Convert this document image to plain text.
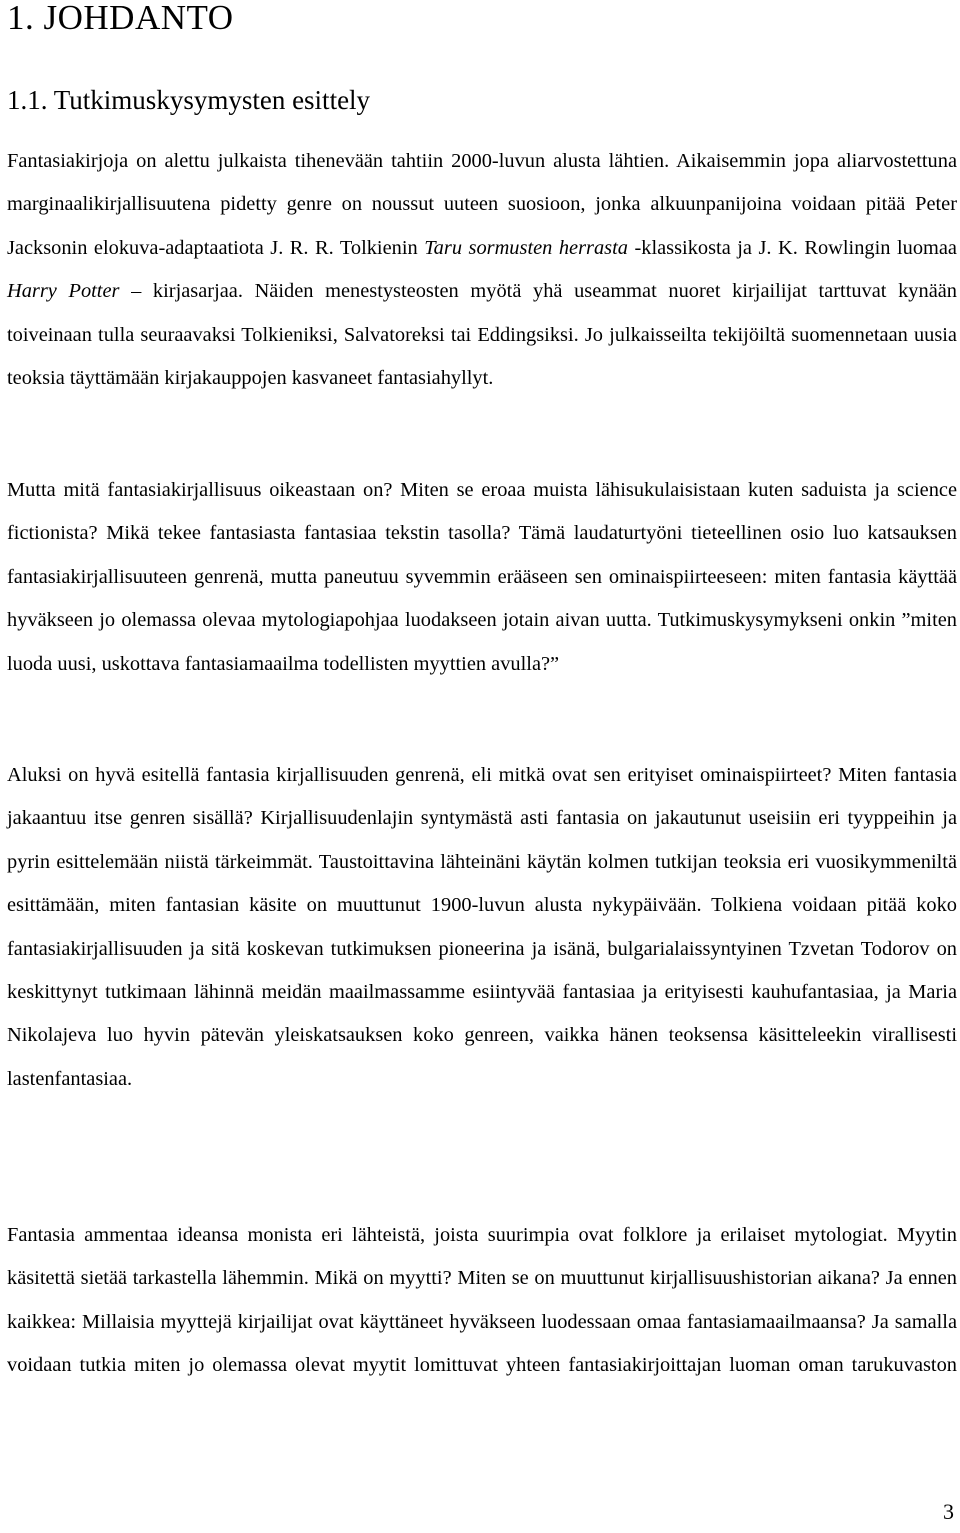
1. JOHDANTO
1.1. Tutkimuskysymysten esittely

Fantasiakirjoja on alettu julkaista tihenevään tahtiin 2000-luvun alusta lähtien. Aikaisemmin jopa aliarvostettuna marginaalikirjallisuutena pidetty genre on noussut uuteen suosioon, jonka alkuunpanijoina voidaan pitää Peter Jacksonin elokuva-adaptaatiota J. R. R. Tolkienin Taru sormusten herrasta -klassikosta ja J. K. Rowlingin luomaa Harry Potter – kirjasarjaa. Näiden menestysteosten myötä yhä useammat nuoret kirjailijat tarttuvat kynään toiveinaan tulla seuraavaksi Tolkieniksi, Salvatoreksi tai Eddingsiksi. Jo julkaisseilta tekijöiltä suomennetaan uusia teoksia täyttämään kirjakauppojen kasvaneet fantasiahyllyt.

Mutta mitä fantasiakirjallisuus oikeastaan on? Miten se eroaa muista lähisukulaisistaan kuten saduista ja science fictionista? Mikä tekee fantasiasta fantasiaa tekstin tasolla? Tämä laudaturtyöni tieteellinen osio luo katsauksen fantasiakirjallisuuteen genrenä, mutta paneutuu syvemmin erääseen sen ominaispiirteeseen: miten fantasia käyttää hyväkseen jo olemassa olevaa mytologiapohjaa luodakseen jotain aivan uutta. Tutkimuskysymykseni onkin ”miten luoda uusi, uskottava fantasiamaailma todellisten myyttien avulla?”

Aluksi on hyvä esitellä fantasia kirjallisuuden genrenä, eli mitkä ovat sen erityiset ominaispiirteet? Miten fantasia jakaantuu itse genren sisällä? Kirjallisuudenlajin syntymästä asti fantasia on jakautunut useisiin eri tyyppeihin ja pyrin esittelemään niistä tärkeimmät. Taustoittavina lähteinäni käytän kolmen tutkijan teoksia eri vuosikymmeniltä esittämään, miten fantasian käsite on muuttunut 1900-luvun alusta nykypäivään. Tolkiena voidaan pitää koko fantasiakirjallisuuden ja sitä koskevan tutkimuksen pioneerina ja isänä, bulgarialaissyntyinen Tzvetan Todorov on keskittynyt tutkimaan lähinnä meidän maailmassamme esiintyvää fantasiaa ja erityisesti kauhufantasiaa, ja Maria Nikolajeva luo hyvin pätevän yleiskatsauksen koko genreen, vaikka hänen teoksensa käsitteleekin virallisesti lastenfantasiaa.

Fantasia ammentaa ideansa monista eri lähteistä, joista suurimpia ovat folklore ja erilaiset mytologiat. Myytin käsitettä sietää tarkastella lähemmin. Mikä on myytti? Miten se on muuttunut kirjallisuushistorian aikana? Ja ennen kaikkea: Millaisia myyttejä kirjailijat ovat käyttäneet hyväkseen luodessaan omaa fantasiamaailmaansa? Ja samalla voidaan tutkia miten jo olemassa olevat myytit lomittuvat yhteen fantasiakirjoittajan luoman oman tarukuvaston

3
